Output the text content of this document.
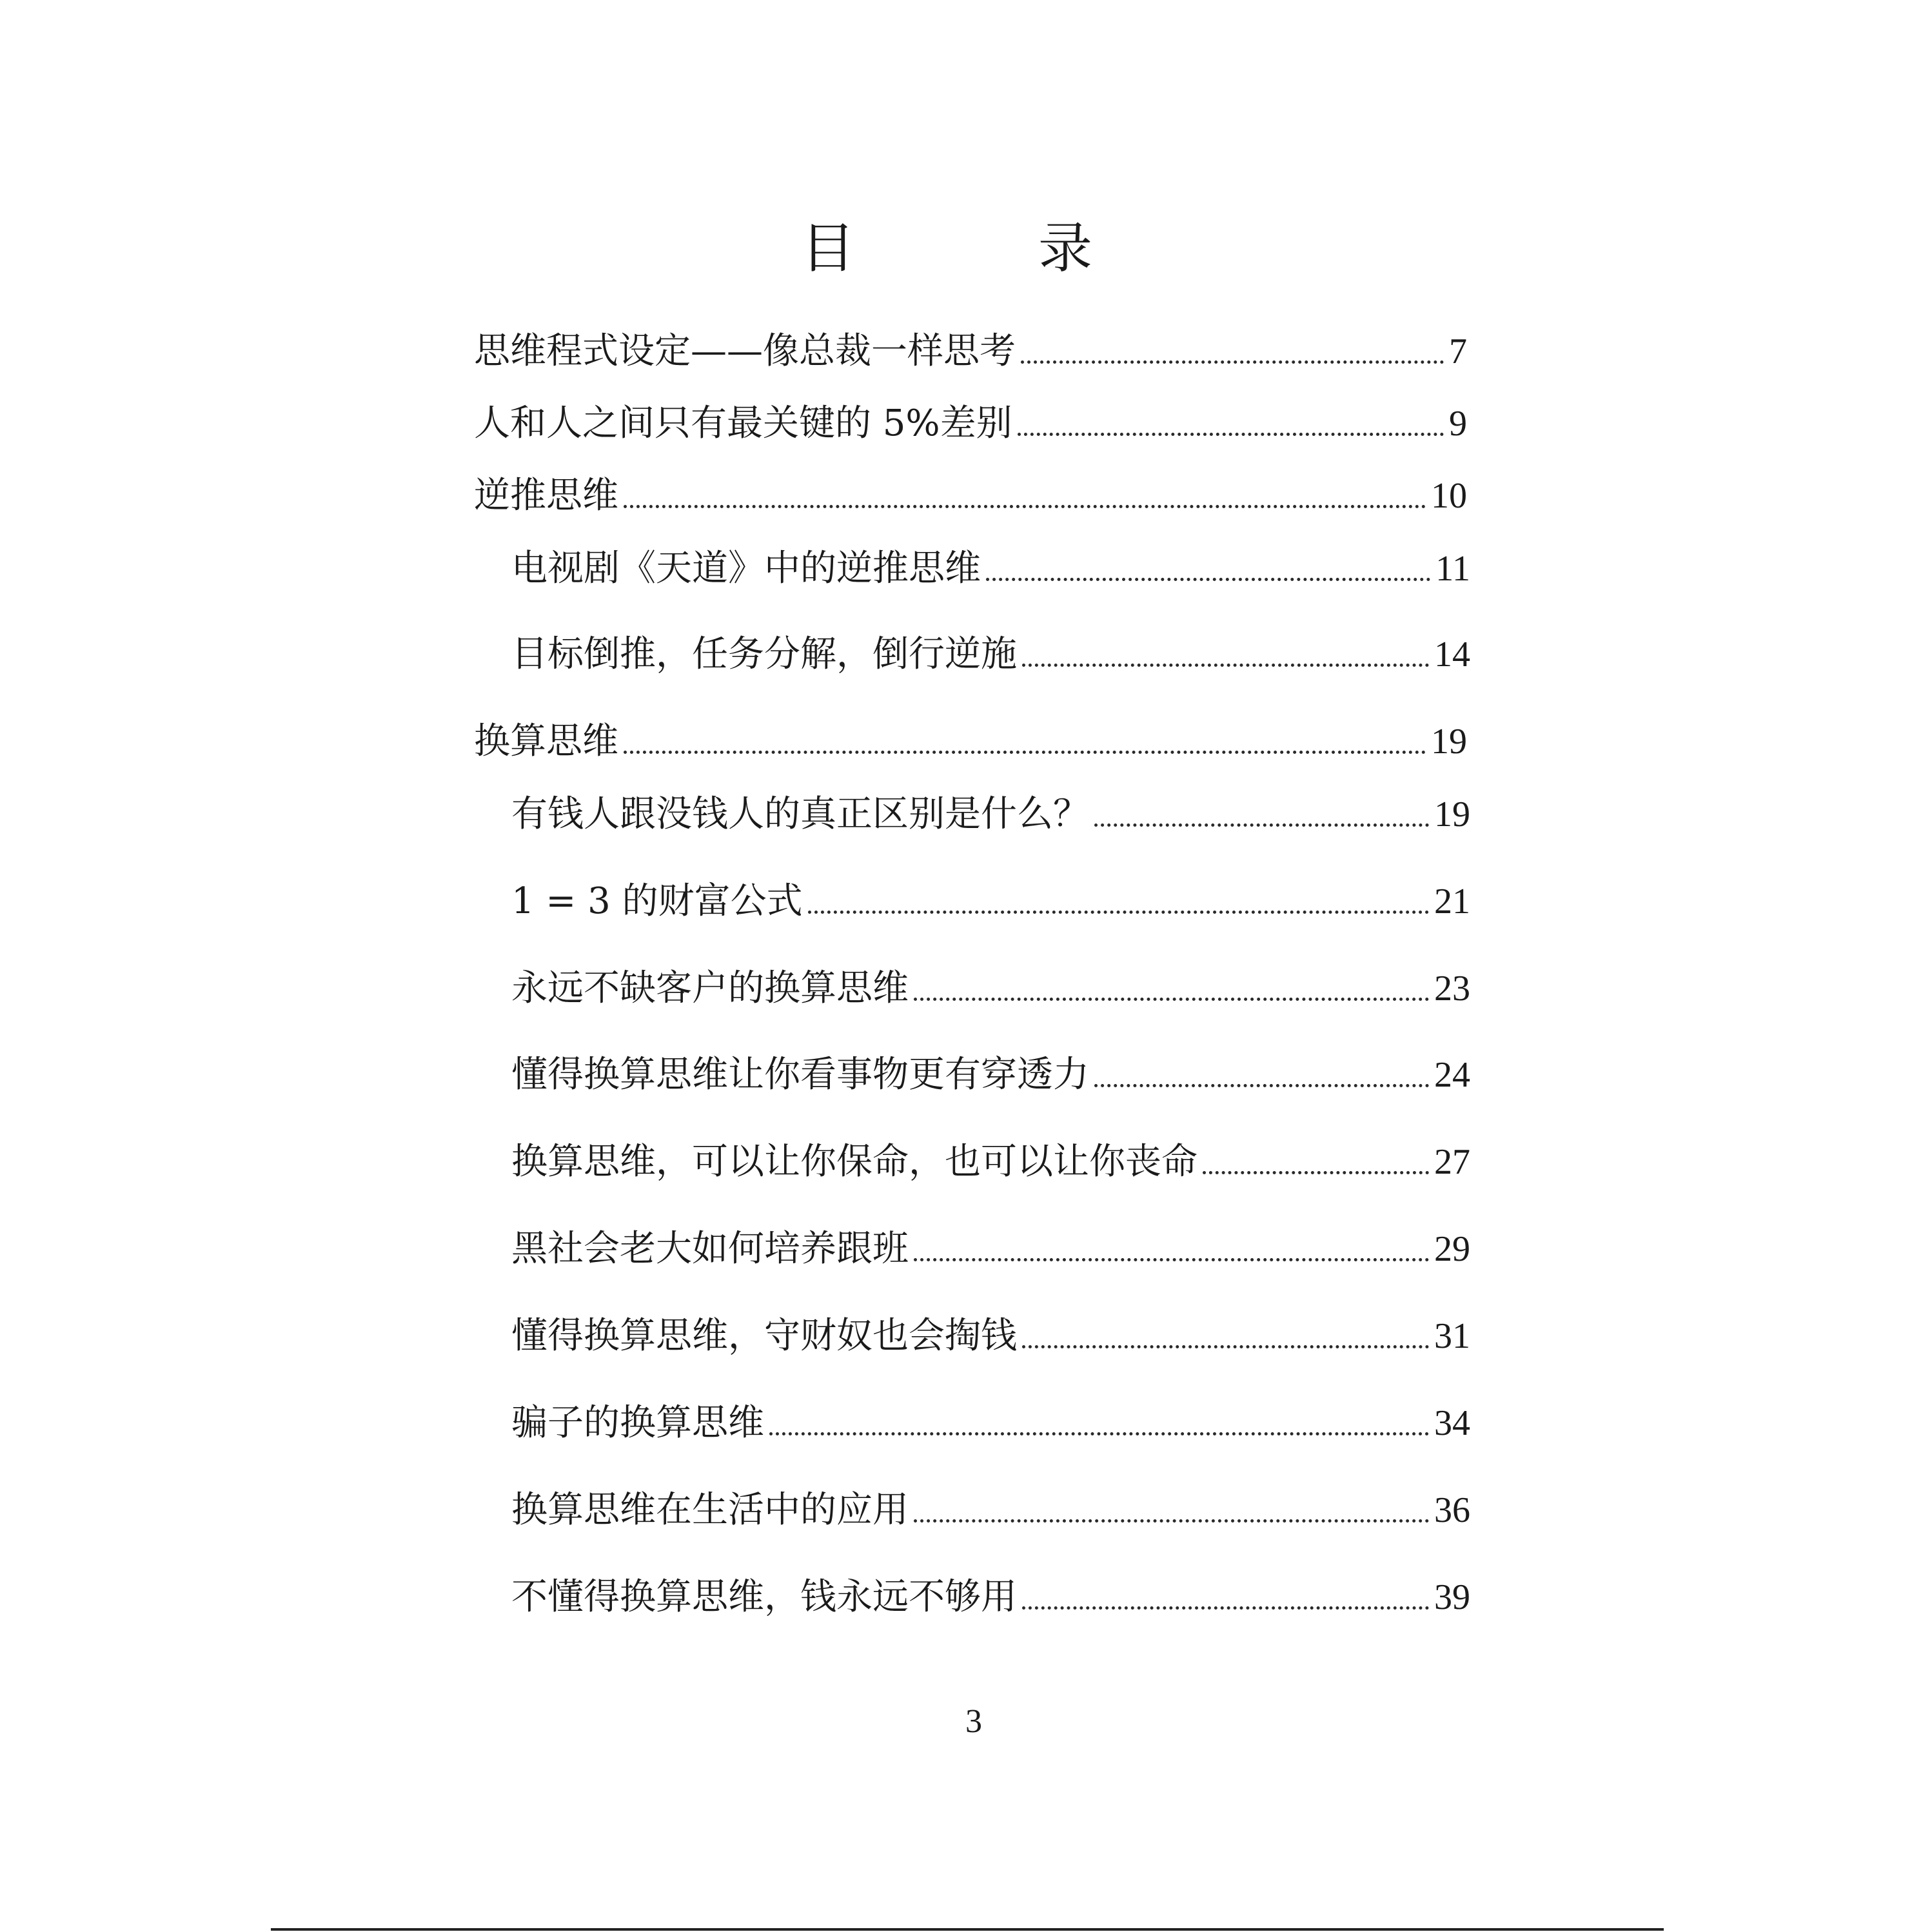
目　录
思维程式设定——像总裁一样思考	7
人和人之间只有最关键的 5%差别	9
逆推思维	10
电视剧《天道》中的逆推思维	11
目标倒推，任务分解，倒行逆施	14
换算思维	19
有钱人跟没钱人的真正区别是什么？	19
1 = 3 的财富公式	21
永远不缺客户的换算思维	23
懂得换算思维让你看事物更有穿透力	24
换算思维，可以让你保命，也可以让你丧命	27
黑社会老大如何培养跟班	29
懂得换算思维，守财奴也会掏钱	31
骗子的换算思维	34
换算思维在生活中的应用	36
不懂得换算思维，钱永远不够用	39
3
